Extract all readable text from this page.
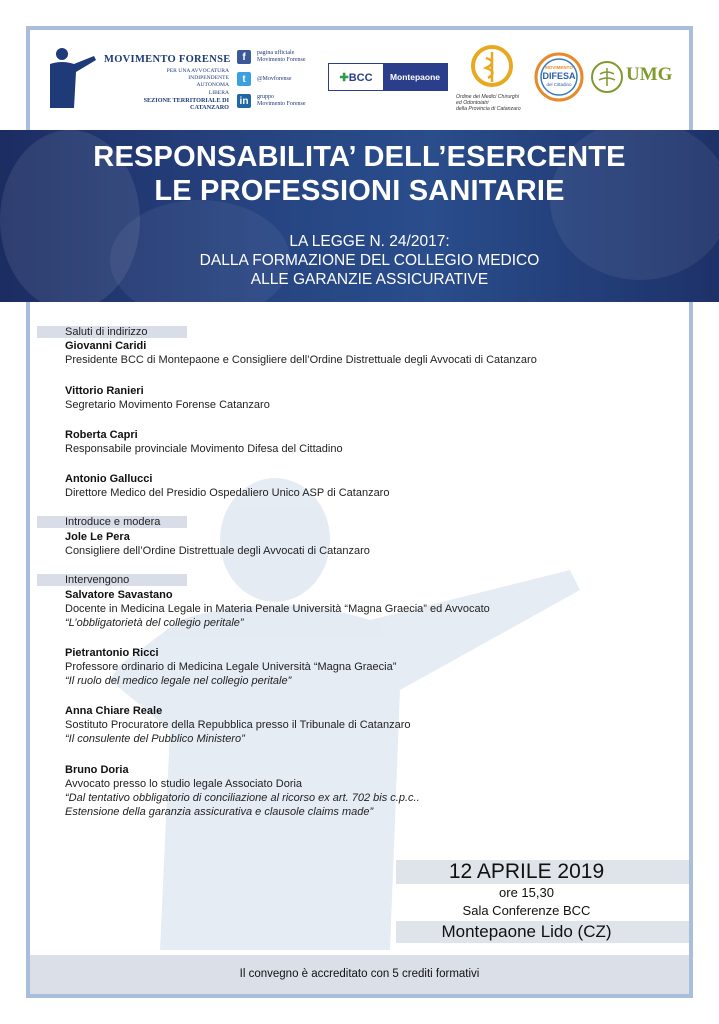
MOVIMENTO FORENSE
PER UNA AVVOCATURA
INDIPENDENTE
AUTONOMA
LIBERA
SEZIONE TERRITORIALE DI CATANZARO
f	pagina ufficiale
Movimento Forense
t	@Movforense
in	gruppo
Movimento Forense
✚BCC	Montepaone
Ordine dei Medici Chirurghi
ed Odontoiatri
della Provincia di Catanzaro
MOVIMENTO
DIFESA
del Cittadino	UMG
RESPONSABILITA’ DELL’ESERCENTE
LE PROFESSIONI SANITARIE
LA LEGGE N. 24/2017:
DALLA FORMAZIONE DEL COLLEGIO MEDICO
ALLE GARANZIE ASSICURATIVE
Saluti di indirizzo
Giovanni Caridi
Presidente BCC di Montepaone e Consigliere dell’Ordine Distrettuale degli Avvocati di Catanzaro
Vittorio Ranieri
Segretario Movimento Forense Catanzaro
Roberta Capri
Responsabile provinciale Movimento Difesa del Cittadino
Antonio Gallucci
Direttore Medico del Presidio Ospedaliero Unico ASP di Catanzaro
Introduce e modera
Jole Le Pera
Consigliere dell’Ordine Distrettuale degli Avvocati di Catanzaro
Intervengono
Salvatore Savastano
Docente in Medicina Legale in Materia Penale Università “Magna Graecia” ed Avvocato
“L’obbligatorietà del collegio peritale”
Pietrantonio Ricci
Professore ordinario di Medicina Legale Università “Magna Graecia”
“Il ruolo del medico legale nel collegio peritale”
Anna Chiare Reale
Sostituto Procuratore della Repubblica presso il Tribunale di Catanzaro
“Il consulente del Pubblico Ministero”
Bruno Doria
Avvocato presso lo studio legale Associato Doria
“Dal tentativo obbligatorio di conciliazione al ricorso ex art. 702 bis c.p.c..
Estensione della garanzia assicurativa e clausole claims made”
12 APRILE 2019
ore 15,30
Sala Conferenze BCC
Montepaone Lido (CZ)
Il convegno è accreditato con 5 crediti formativi
